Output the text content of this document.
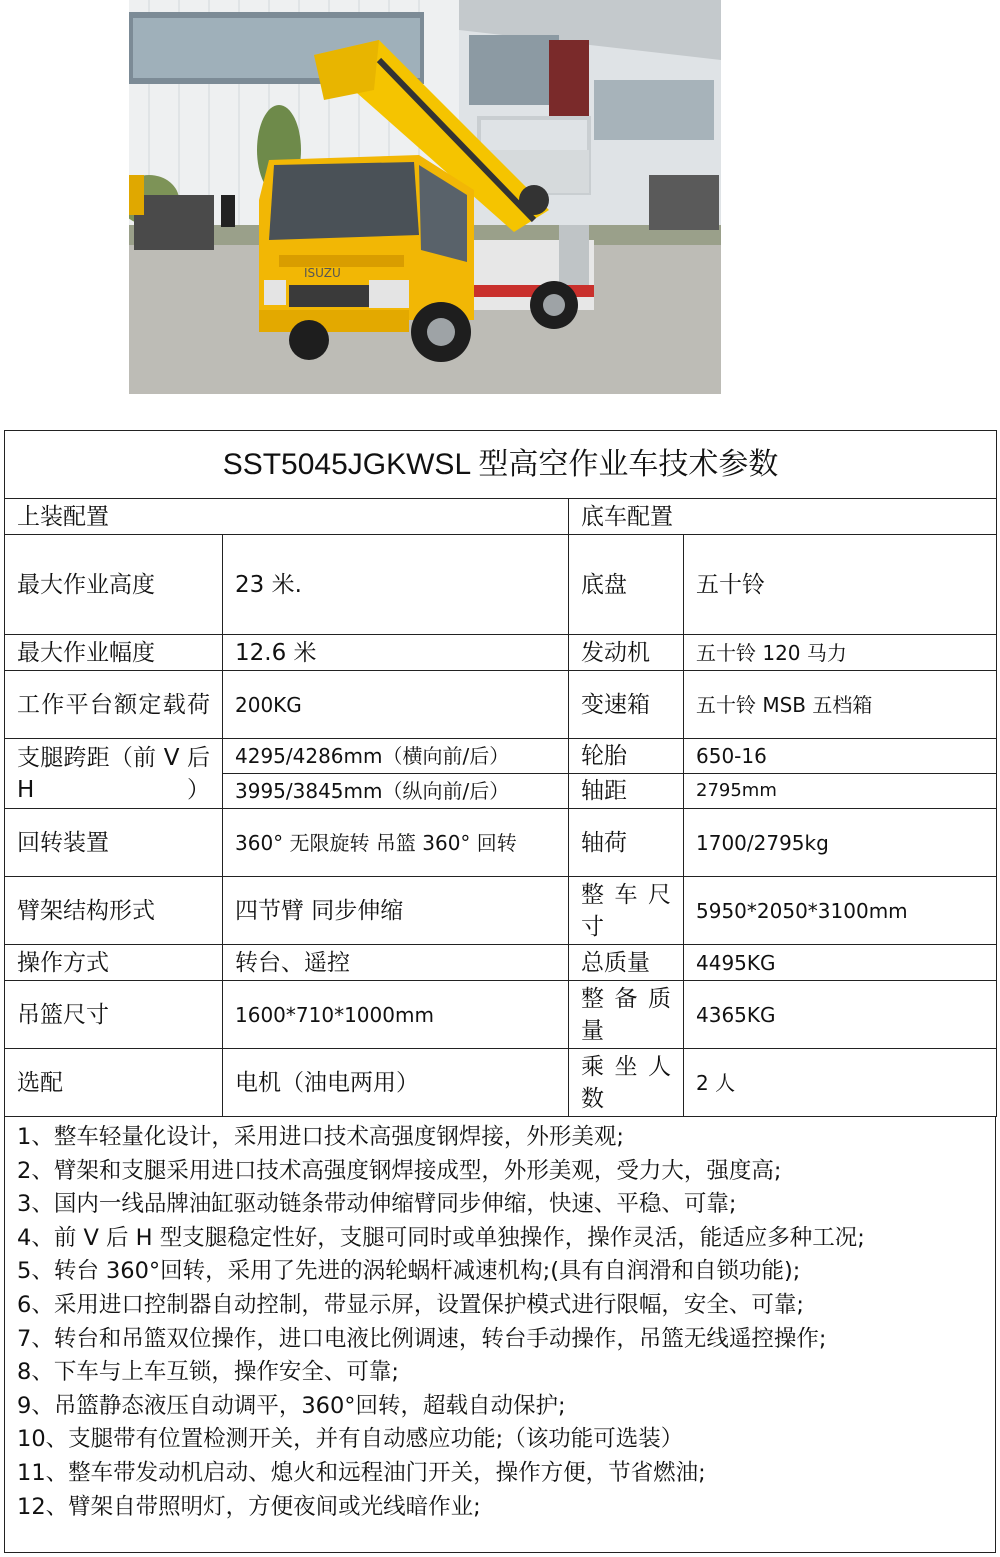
ISUZU
SST5045JGKWSL 型高空作业车技术参数			
上装配置		底车配置	
最大作业高度	23 米.	底盘	五十铃
最大作业幅度	12.6 米	发动机	五十铃 120 马力
工作平台额定载荷	200KG	变速箱	五十铃 MSB 五档箱
支腿跨距（前 V 后 H）	4295/4286mm（横向前/后）	轮胎	650-16
	3995/3845mm（纵向前/后）	轴距	2795mm
回转装置	360° 无限旋转 吊篮 360° 回转	轴荷	1700/2795kg
臂架结构形式	四节臂 同步伸缩	整车尺寸	5950*2050*3100mm
操作方式	转台、遥控	总质量	4495KG
吊篮尺寸	1600*710*1000mm	整备质量	4365KG
选配	电机（油电两用）	乘坐人数	2 人
1、整车轻量化设计，采用进口技术高强度钢焊接，外形美观;
2、臂架和支腿采用进口技术高强度钢焊接成型，外形美观，受力大，强度高;
3、国内一线品牌油缸驱动链条带动伸缩臂同步伸缩，快速、平稳、可靠;
4、前 V 后 H 型支腿稳定性好，支腿可同时或单独操作，操作灵活，能适应多种工况;
5、转台 360°回转，采用了先进的涡轮蜗杆减速机构;(具有自润滑和自锁功能);
6、采用进口控制器自动控制，带显示屏，设置保护模式进行限幅，安全、可靠;
7、转台和吊篮双位操作，进口电液比例调速，转台手动操作，吊篮无线遥控操作;
8、下车与上车互锁，操作安全、可靠;
9、吊篮静态液压自动调平，360°回转，超载自动保护;
10、支腿带有位置检测开关，并有自动感应功能;（该功能可选装）
11、整车带发动机启动、熄火和远程油门开关，操作方便，节省燃油;
12、臂架自带照明灯，方便夜间或光线暗作业;
